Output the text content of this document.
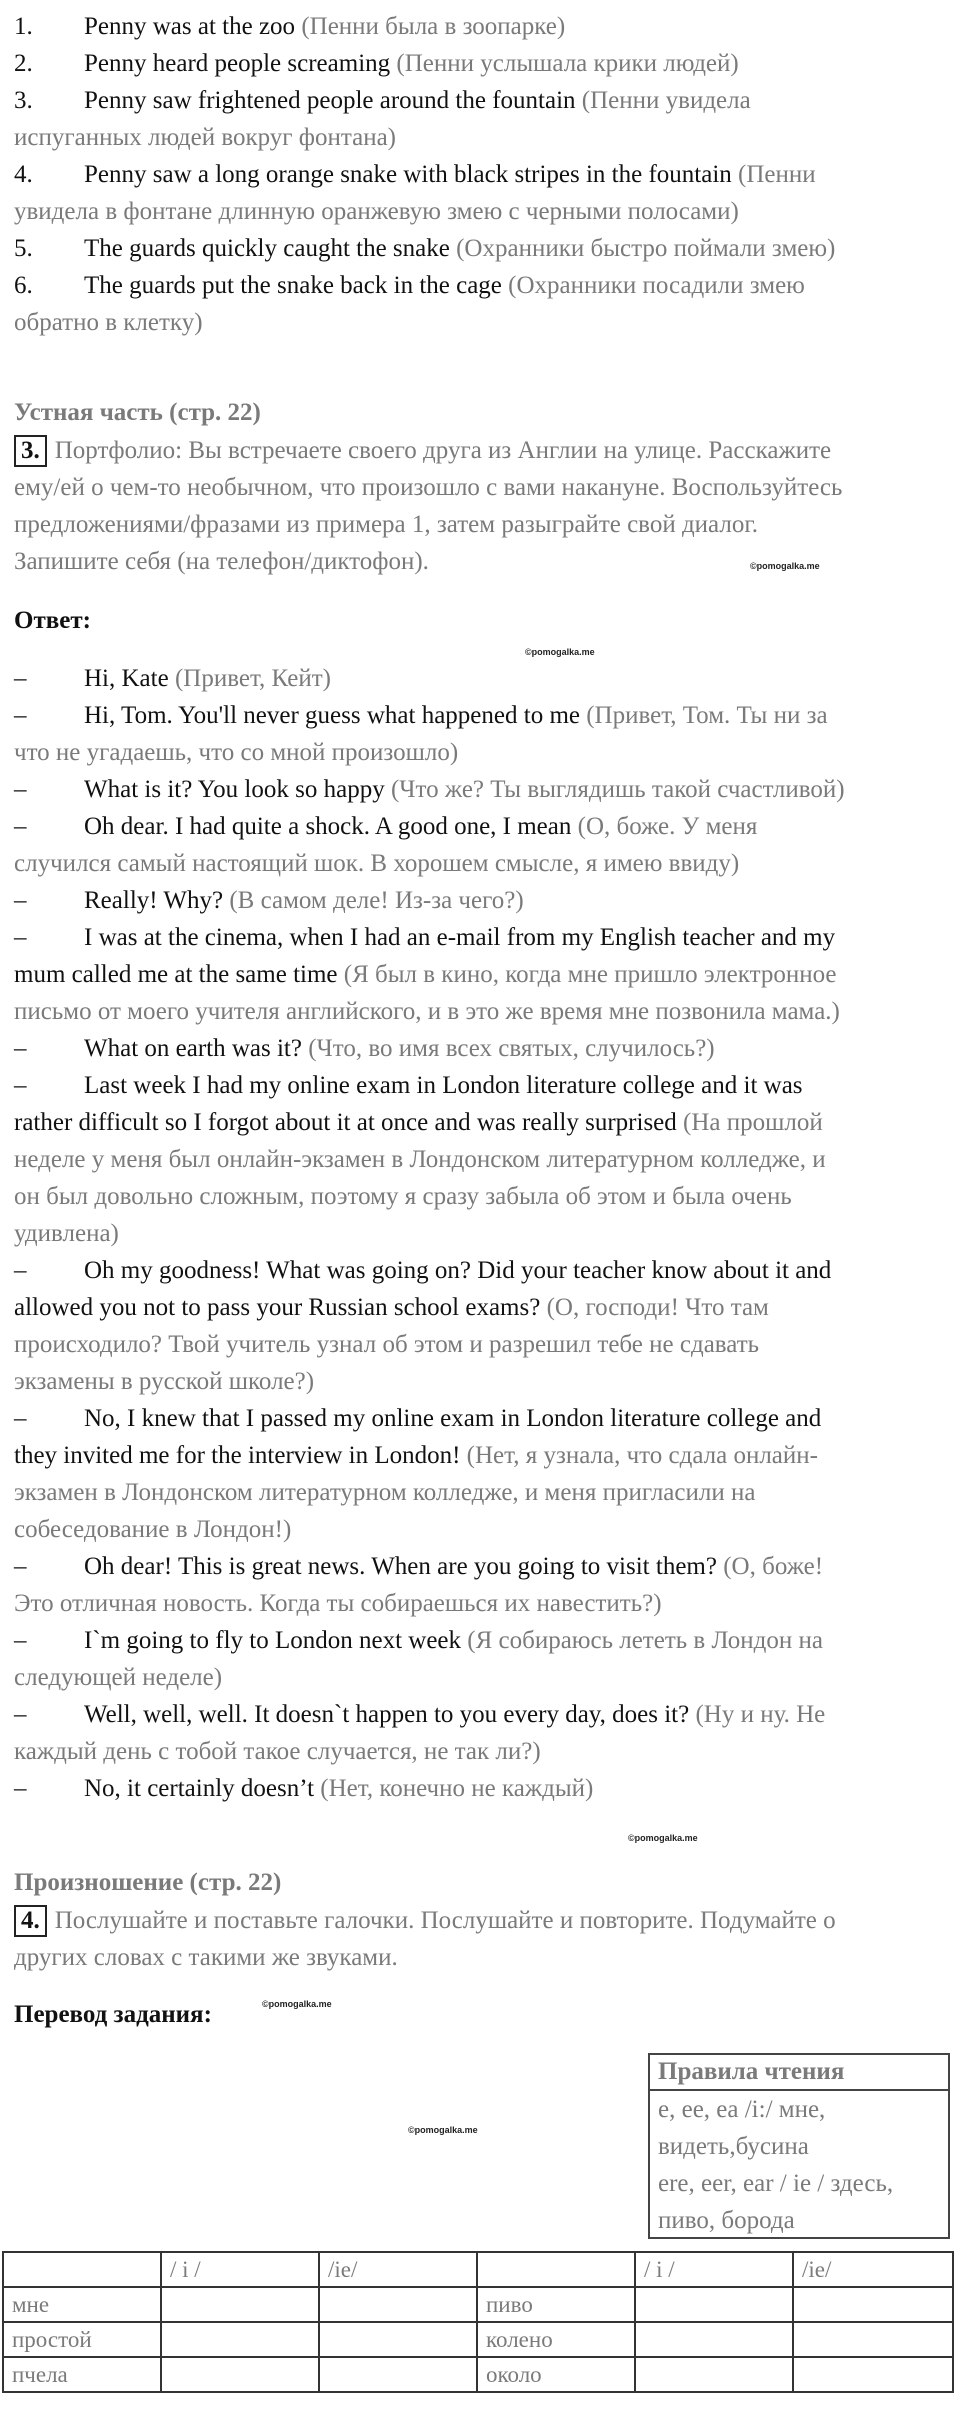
1. Penny was at the zoo (Пенни была в зоопарке)
2. Penny heard people screaming (Пенни услышала крики людей)
3. Penny saw frightened people around the fountain (Пенни увидела
испуганных людей вокруг фонтана)
4. Penny saw a long orange snake with black stripes in the fountain (Пенни
увидела в фонтане длинную оранжевую змею с черными полосами)
5. The guards quickly caught the snake (Охранники быстро поймали змею)
6. The guards put the snake back in the cage (Охранники посадили змею
обратно в клетку)
Устная часть (стр. 22)
3. Портфолио: Вы встречаете своего друга из Англии на улице. Расскажите
ему/ей о чем-то необычном, что произошло с вами накануне. Воспользуйтесь
предложениями/фразами из примера 1, затем разыграйте свой диалог.
Запишите себя (на телефон/диктофон).	©pomogalka.me
Ответ:
©pomogalka.me
– Hi, Kate (Привет, Кейт)
– Hi, Tom. You'll never guess what happened to me (Привет, Том. Ты ни за
что не угадаешь, что со мной произошло)
– What is it? You look so happy (Что же? Ты выглядишь такой счастливой)
– Oh dear. I had quite a shock. A good one, I mean (О, боже. У меня
случился самый настоящий шок. В хорошем смысле, я имею ввиду)
– Really! Why? (В самом деле! Из-за чего?)
– I was at the cinema, when I had an e-mail from my English teacher and my
mum called me at the same time (Я был в кино, когда мне пришло электронное
письмо от моего учителя английского, и в это же время мне позвонила мама.)
– What on earth was it? (Что, во имя всех святых, случилось?)
– Last week I had my online exam in London literature college and it was
rather difficult so I forgot about it at once and was really surprised (На прошлой
неделе у меня был онлайн-экзамен в Лондонском литературном колледже, и
он был довольно сложным, поэтому я сразу забыла об этом и была очень
удивлена)
– Oh my goodness! What was going on? Did your teacher know about it and
allowed you not to pass your Russian school exams? (О, господи! Что там
происходило? Твой учитель узнал об этом и разрешил тебе не сдавать
экзамены в русской школе?)
– No, I knew that I passed my online exam in London literature college and
they invited me for the interview in London! (Нет, я узнала, что сдала онлайн-
экзамен в Лондонском литературном колледже, и меня пригласили на
собеседование в Лондон!)
– Oh dear! This is great news. When are you going to visit them? (О, боже!
Это отличная новость. Когда ты собираешься их навестить?)
– I`m going to fly to London next week (Я собираюсь лететь в Лондон на
следующей неделе)
– Well, well, well. It doesn`t happen to you every day, does it? (Ну и ну. Не
каждый день с тобой такое случается, не так ли?)
– No, it certainly doesn’t (Нет, конечно не каждый)
©pomogalka.me
Произношение (стр. 22)
4. Послушайте и поставьте галочки. Послушайте и повторите. Подумайте о
других словах с такими же звуками.
Перевод задания:	©pomogalka.me
©pomogalka.me
Правила чтения
e, ee, ea /i:/ мне,
видеть,бусина
ere, eer, ear / ie / здесь,
пиво, борода
	/ i /	/ie/		/ i /	/ie/
мне			пиво		
простой			колено		
пчела			около		
